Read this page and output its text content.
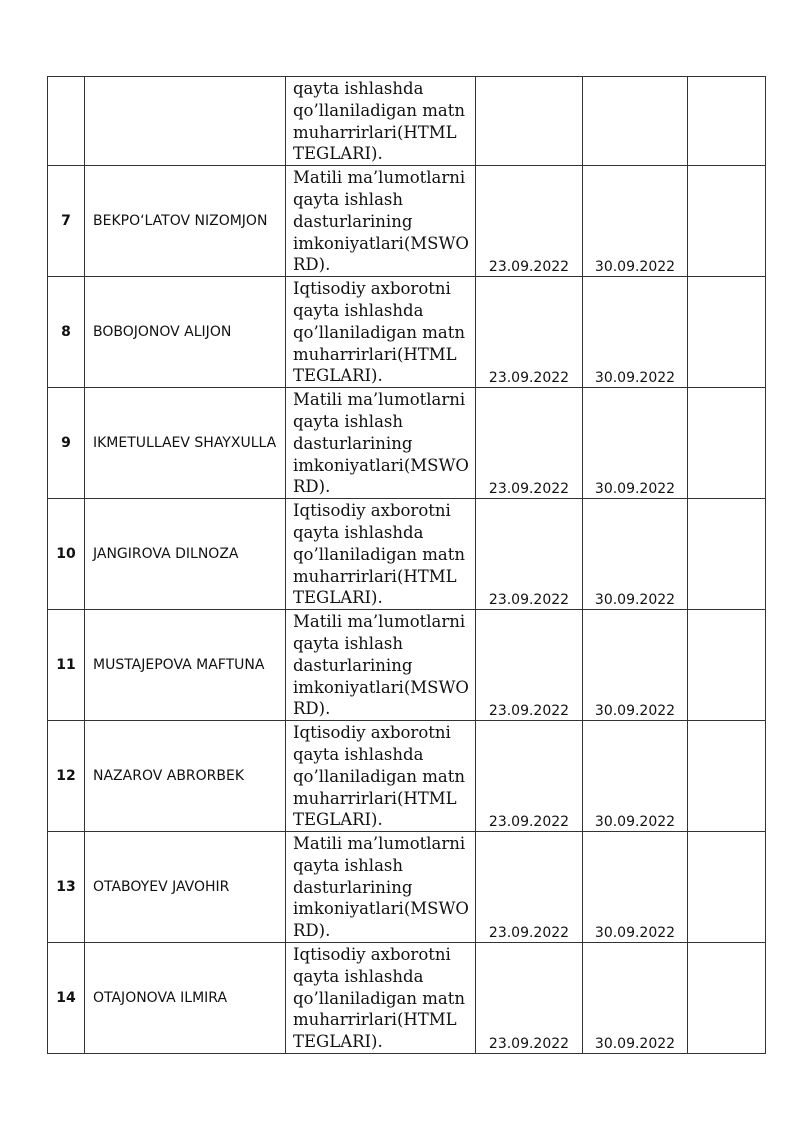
		qayta ishlashda
qo’llaniladigan matn
muharrirlari(HTML
TEGLARI).			

7	BEKPO‘LATOV NIZOMJON	Matili ma’lumotlarni
qayta ishlash
dasturlarining
imkoniyatlari(MSWO
RD).	23.09.2022	30.09.2022	
8	BOBOJONOV ALIJON	Iqtisodiy axborotni
qayta ishlashda
qo’llaniladigan matn
muharrirlari(HTML
TEGLARI).	23.09.2022	30.09.2022	
9	IKMETULLAEV SHAYXULLA	Matili ma’lumotlarni
qayta ishlash
dasturlarining
imkoniyatlari(MSWO
RD).	23.09.2022	30.09.2022	
10	JANGIROVA DILNOZA	Iqtisodiy axborotni
qayta ishlashda
qo’llaniladigan matn
muharrirlari(HTML
TEGLARI).	23.09.2022	30.09.2022	
11	MUSTAJEPOVA MAFTUNA	Matili ma’lumotlarni
qayta ishlash
dasturlarining
imkoniyatlari(MSWO
RD).	23.09.2022	30.09.2022	
12	NAZAROV ABRORBEK	Iqtisodiy axborotni
qayta ishlashda
qo’llaniladigan matn
muharrirlari(HTML
TEGLARI).	23.09.2022	30.09.2022	
13	OTABOYEV JAVOHIR	Matili ma’lumotlarni
qayta ishlash
dasturlarining
imkoniyatlari(MSWO
RD).	23.09.2022	30.09.2022	
14	OTAJONOVA ILMIRA	Iqtisodiy axborotni
qayta ishlashda
qo’llaniladigan matn
muharrirlari(HTML
TEGLARI).	23.09.2022	30.09.2022	
